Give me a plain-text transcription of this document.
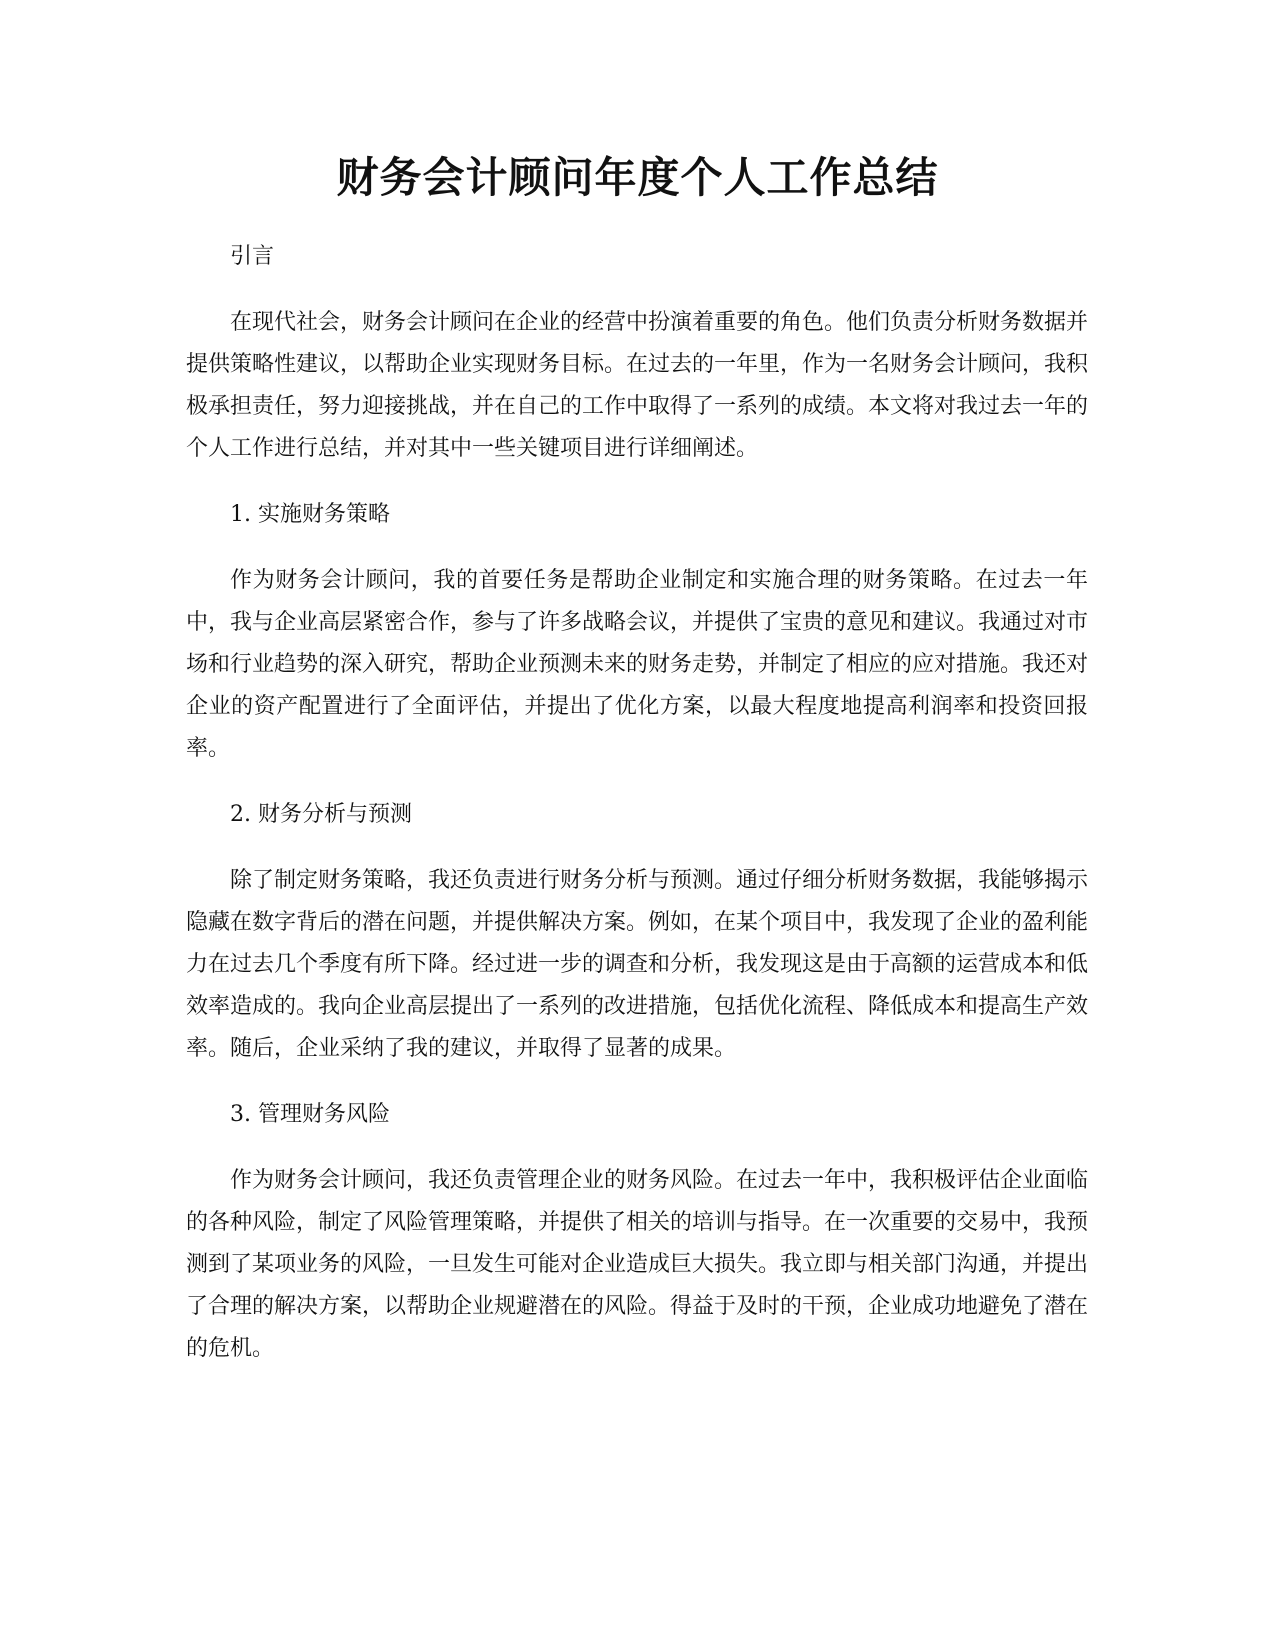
财务会计顾问年度个人工作总结

引言

在现代社会，财务会计顾问在企业的经营中扮演着重要的角色。他们负责分析财务数据并提供策略性建议，以帮助企业实现财务目标。在过去的一年里，作为一名财务会计顾问，我积极承担责任，努力迎接挑战，并在自己的工作中取得了一系列的成绩。本文将对我过去一年的个人工作进行总结，并对其中一些关键项目进行详细阐述。

1. 实施财务策略

作为财务会计顾问，我的首要任务是帮助企业制定和实施合理的财务策略。在过去一年中，我与企业高层紧密合作，参与了许多战略会议，并提供了宝贵的意见和建议。我通过对市场和行业趋势的深入研究，帮助企业预测未来的财务走势，并制定了相应的应对措施。我还对企业的资产配置进行了全面评估，并提出了优化方案，以最大程度地提高利润率和投资回报率。

2. 财务分析与预测

除了制定财务策略，我还负责进行财务分析与预测。通过仔细分析财务数据，我能够揭示隐藏在数字背后的潜在问题，并提供解决方案。例如，在某个项目中，我发现了企业的盈利能力在过去几个季度有所下降。经过进一步的调查和分析，我发现这是由于高额的运营成本和低效率造成的。我向企业高层提出了一系列的改进措施，包括优化流程、降低成本和提高生产效率。随后，企业采纳了我的建议，并取得了显著的成果。

3. 管理财务风险

作为财务会计顾问，我还负责管理企业的财务风险。在过去一年中，我积极评估企业面临的各种风险，制定了风险管理策略，并提供了相关的培训与指导。在一次重要的交易中，我预测到了某项业务的风险，一旦发生可能对企业造成巨大损失。我立即与相关部门沟通，并提出了合理的解决方案，以帮助企业规避潜在的风险。得益于及时的干预，企业成功地避免了潜在的危机。
